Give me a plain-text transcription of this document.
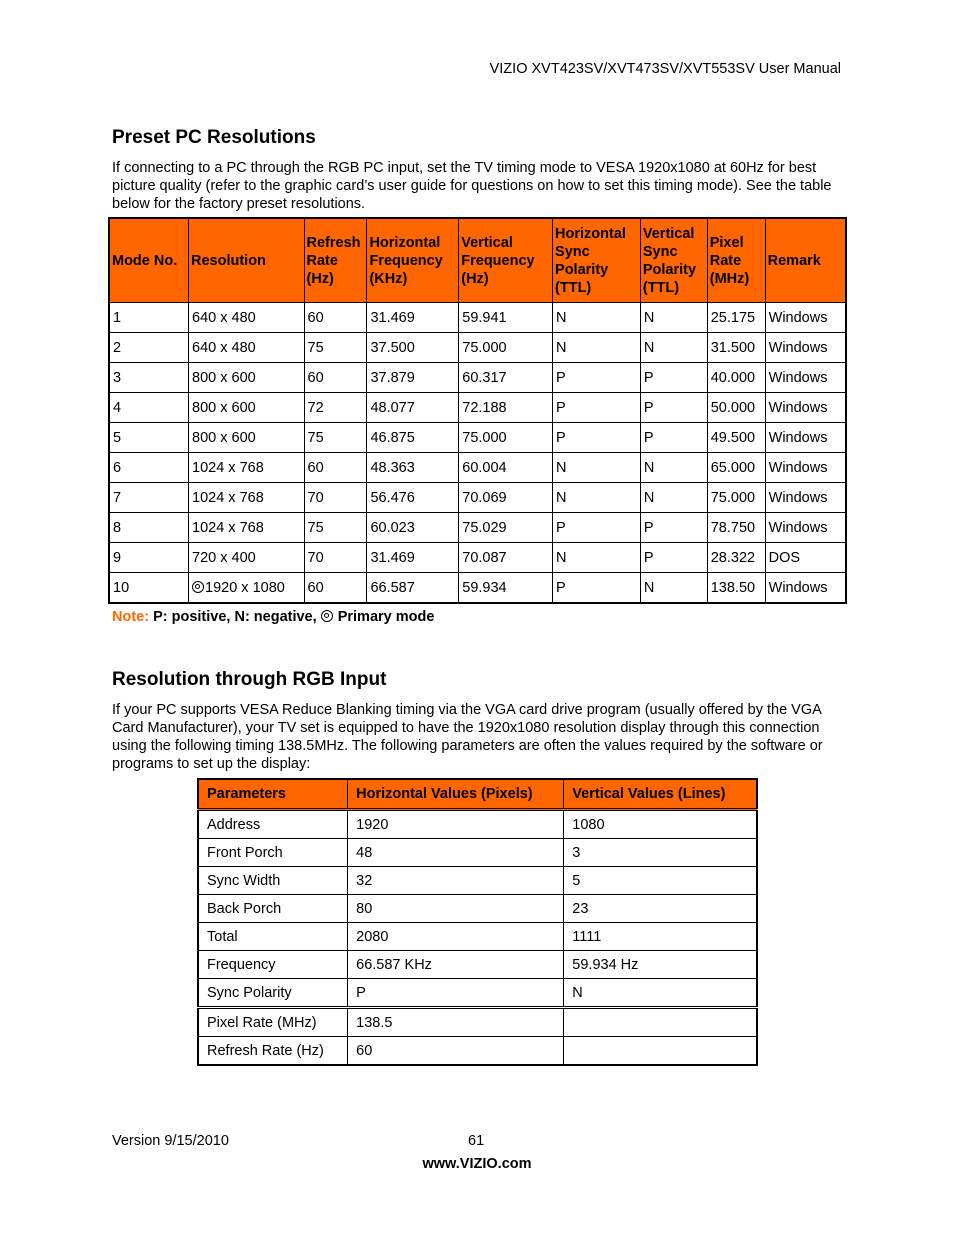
VIZIO XVT423SV/XVT473SV/XVT553SV User Manual
Preset PC Resolutions
If connecting to a PC through the RGB PC input, set the TV timing mode to VESA 1920x1080 at 60Hz for best picture quality (refer to the graphic card’s user guide for questions on how to set this timing mode). See the table below for the factory preset resolutions.
Mode No.	Resolution	Refresh Rate (Hz)	Horizontal Frequency (KHz)	Vertical Frequency (Hz)	Horizontal Sync Polarity (TTL)	Vertical Sync Polarity (TTL)	Pixel Rate (MHz)	Remark
1	640 x 480	60	31.469	59.941	N	N	25.175	Windows
2	640 x 480	75	37.500	75.000	N	N	31.500	Windows
3	800 x 600	60	37.879	60.317	P	P	40.000	Windows
4	800 x 600	72	48.077	72.188	P	P	50.000	Windows
5	800 x 600	75	46.875	75.000	P	P	49.500	Windows
6	1024 x 768	60	48.363	60.004	N	N	65.000	Windows
7	1024 x 768	70	56.476	70.069	N	N	75.000	Windows
8	1024 x 768	75	60.023	75.029	P	P	78.750	Windows
9	720 x 400	70	31.469	70.087	N	P	28.322	DOS
10	1920 x 1080	60	66.587	59.934	P	N	138.50	Windows
Note: P: positive, N: negative,  Primary mode
Resolution through RGB Input
If your PC supports VESA Reduce Blanking timing via the VGA card drive program (usually offered by the VGA Card Manufacturer), your TV set is equipped to have the 1920x1080 resolution display through this connection using the following timing 138.5MHz. The following parameters are often the values required by the software or programs to set up the display:
Parameters	Horizontal Values (Pixels)	Vertical Values (Lines)
Address	1920	1080
Front Porch	48	3
Sync Width	32	5
Back Porch	80	23
Total	2080	1111
Frequency	66.587 KHz	59.934 Hz
Sync Polarity	P	N
Pixel Rate (MHz)	138.5	
Refresh Rate (Hz)	60	
Version 9/15/2010	61
www.VIZIO.com
